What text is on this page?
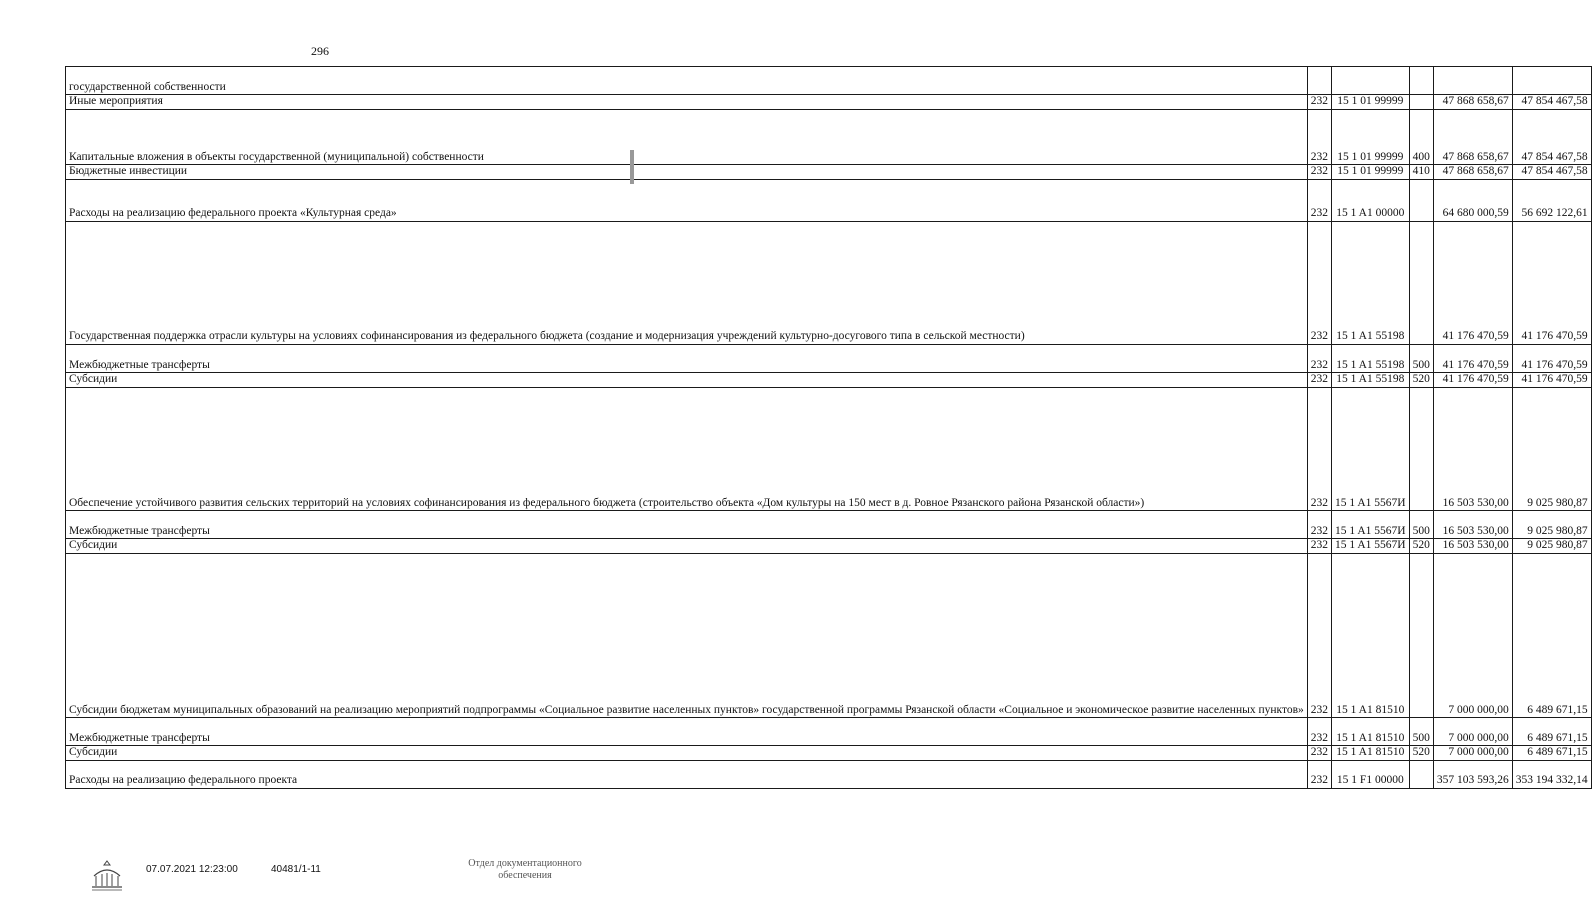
296
государственной собственности					
Иные мероприятия	232	15 1 01 99999		47 868 658,67	47 854 467,58
Капитальные вложения в объекты государственной (муниципальной) собственности	232	15 1 01 99999	400	47 868 658,67	47 854 467,58
Бюджетные инвестиции	232	15 1 01 99999	410	47 868 658,67	47 854 467,58
Расходы на реализацию федерального проекта «Культурная среда»	232	15 1 A1 00000		64 680 000,59	56 692 122,61
Государственная поддержка отрасли культуры на условиях софинансирования из федерального бюджета (создание и модернизация учреждений культурно-досугового типа в сельской местности)	232	15 1 A1 55198		41 176 470,59	41 176 470,59
Межбюджетные трансферты	232	15 1 A1 55198	500	41 176 470,59	41 176 470,59
Субсидии	232	15 1 A1 55198	520	41 176 470,59	41 176 470,59
Обеспечение устойчивого развития сельских территорий на условиях софинансирования из федерального бюджета (строительство объекта «Дом культуры на 150 мест в д. Ровное Рязанского района Рязанской области»)	232	15 1 A1 5567И		16 503 530,00	9 025 980,87
Межбюджетные трансферты	232	15 1 A1 5567И	500	16 503 530,00	9 025 980,87
Субсидии	232	15 1 A1 5567И	520	16 503 530,00	9 025 980,87
Субсидии бюджетам муниципальных образований на реализацию мероприятий подпрограммы «Социальное развитие населенных пунктов» государственной программы Рязанской области «Социальное и экономическое развитие населенных пунктов»	232	15 1 A1 81510		7 000 000,00	6 489 671,15
Межбюджетные трансферты	232	15 1 A1 81510	500	7 000 000,00	6 489 671,15
Субсидии	232	15 1 A1 81510	520	7 000 000,00	6 489 671,15
Расходы на реализацию федерального проекта	232	15 1 F1 00000		357 103 593,26	353 194 332,14
07.07.2021 12:23:00	40481/1-11
Отдел документационного
обеспечения
